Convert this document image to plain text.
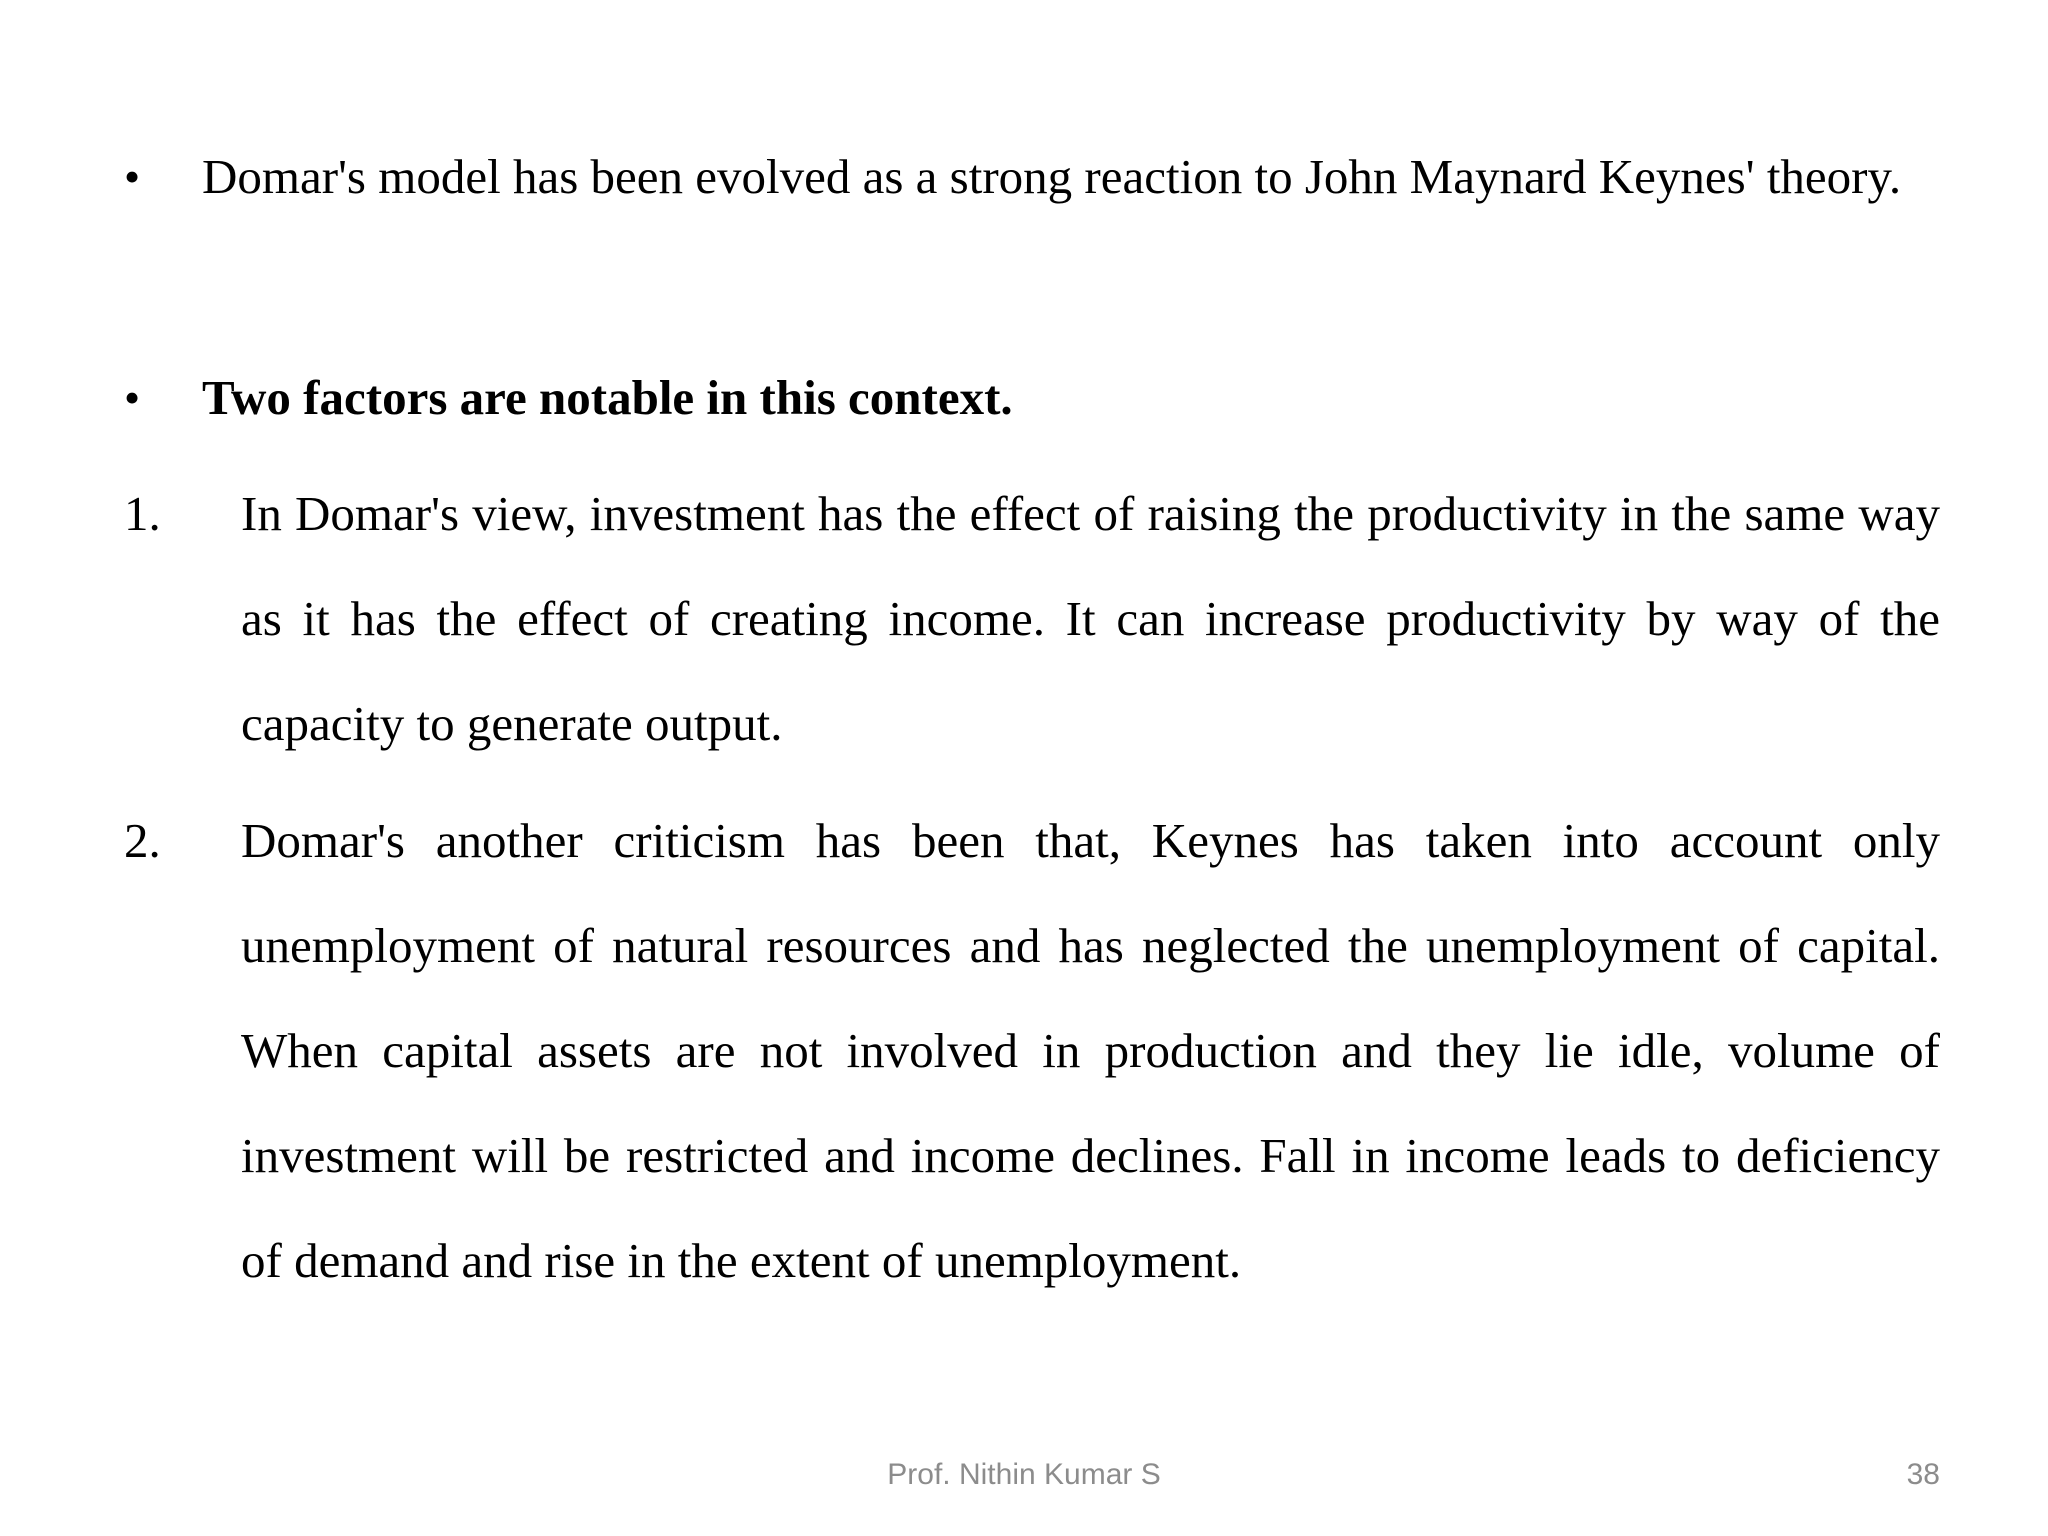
• Domar's model has been evolved as a strong reaction to John Maynard Keynes' theory.
• Two factors are notable in this context.
1. In Domar's view, investment has the effect of raising the productivity in the same way as it has the effect of creating income. It can increase productivity by way of the capacity to generate output.
2. Domar's another criticism has been that, Keynes has taken into account only unemployment of natural resources and has neglected the unemployment of capital. When capital assets are not involved in production and they lie idle, volume of investment will be restricted and income declines. Fall in income leads to deficiency of demand and rise in the extent of unemployment.
Prof. Nithin Kumar S	38
